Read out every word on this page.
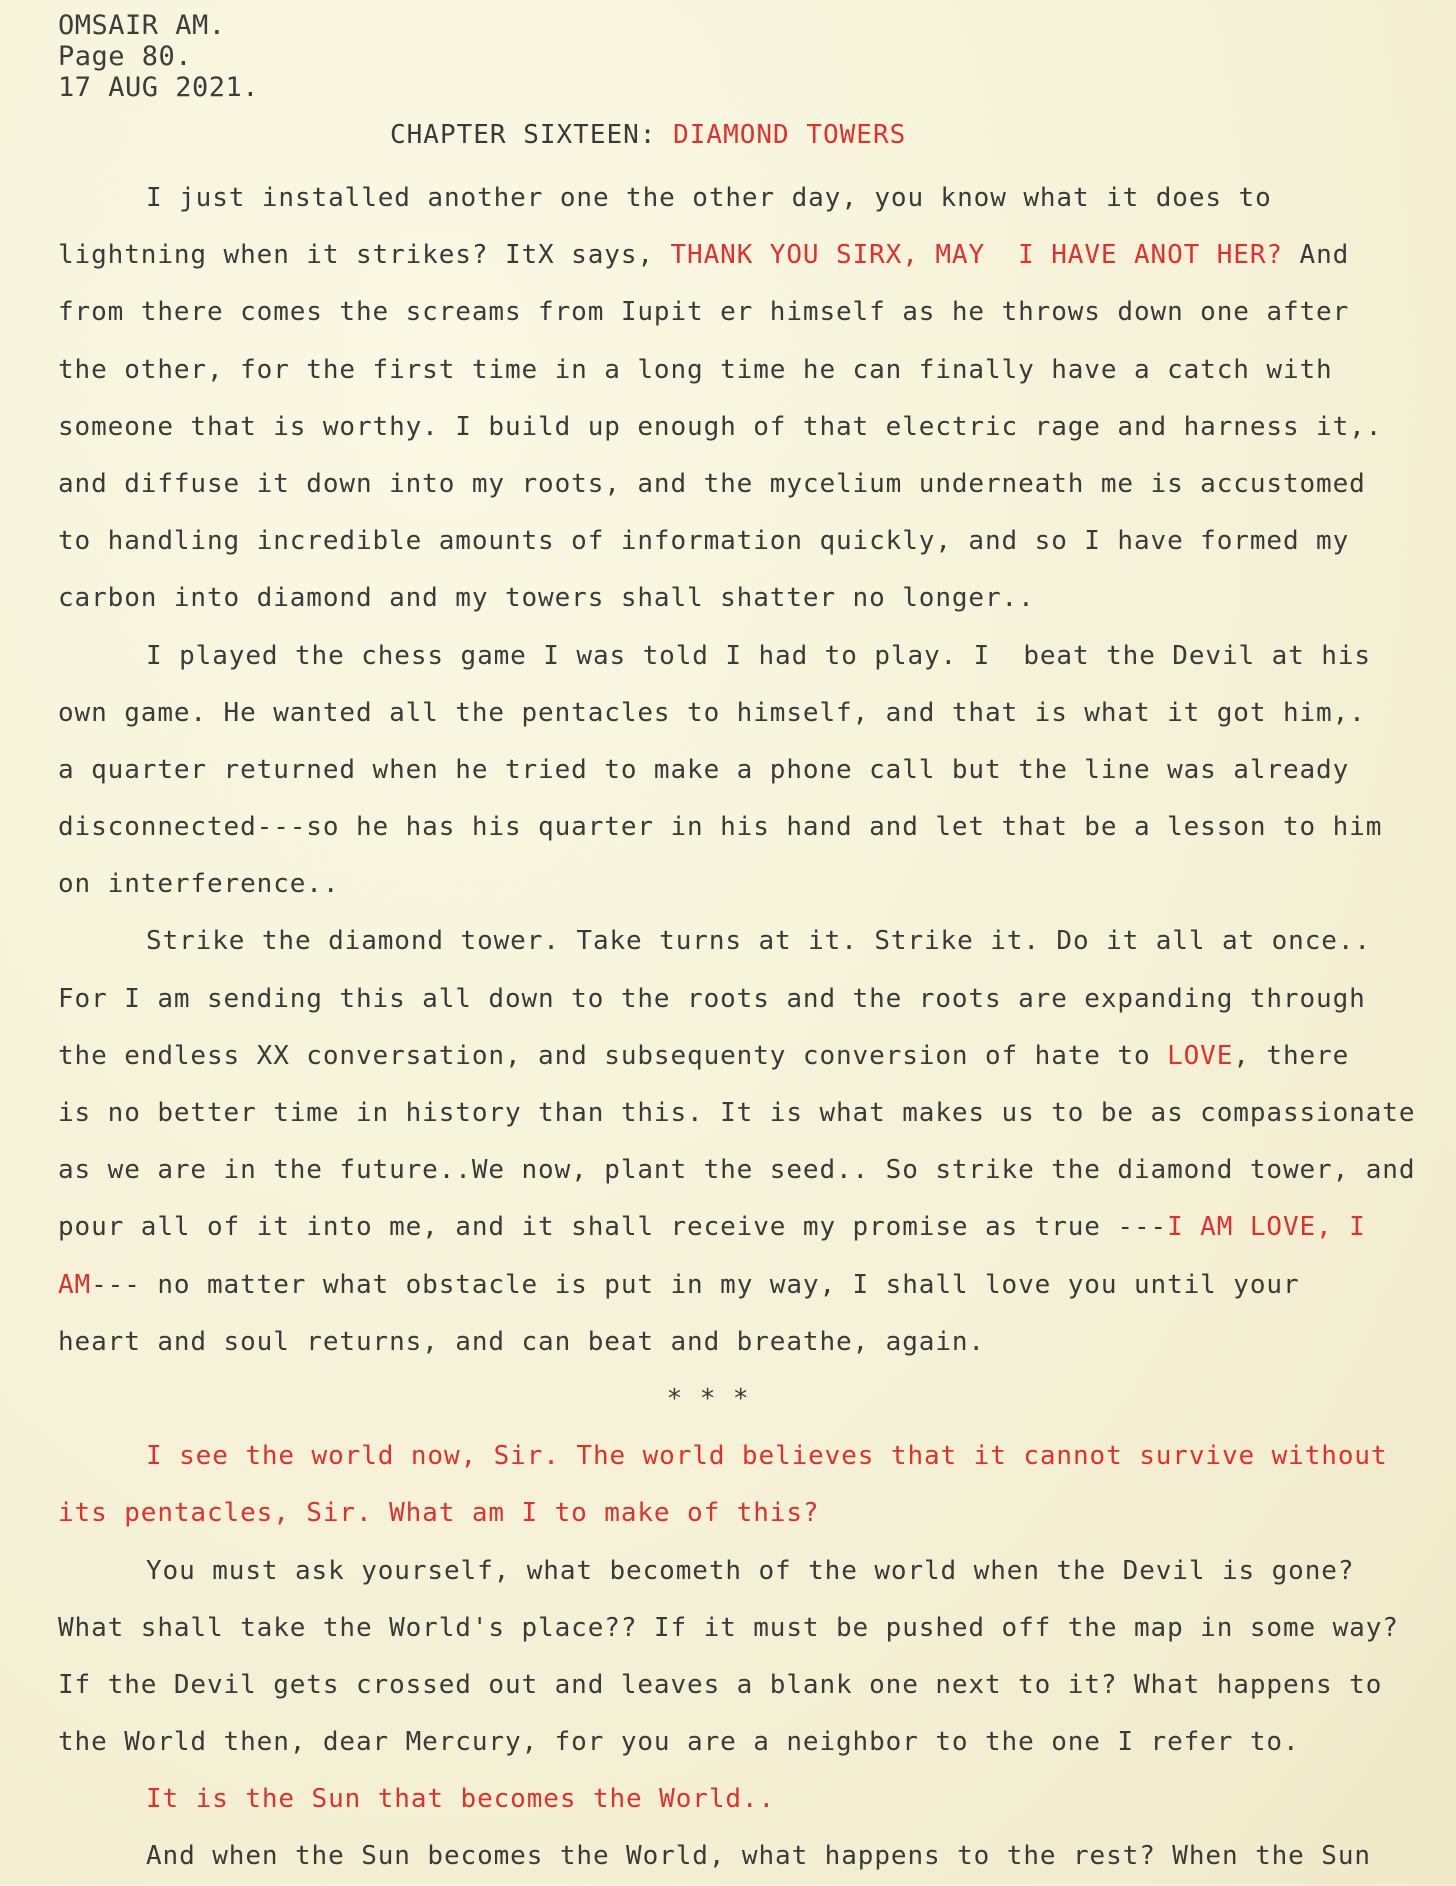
OMSAIR AM.
Page 80.
17 AUG 2021.
CHAPTER SIXTEEN: DIAMOND TOWERS
I just installed another one the other day, you know what it does to
lightning when it strikes? ItX says, THANK YOU SIRX, MAY  I HAVE ANOT HER? And
from there comes the screams from Iupit er himself as he throws down one after
the other, for the first time in a long time he can finally have a catch with
someone that is worthy. I build up enough of that electric rage and harness it,.
and diffuse it down into my roots, and the mycelium underneath me is accustomed
to handling incredible amounts of information quickly, and so I have formed my
carbon into diamond and my towers shall shatter no longer..
I played the chess game I was told I had to play. I  beat the Devil at his
own game. He wanted all the pentacles to himself, and that is what it got him,.
a quarter returned when he tried to make a phone call but the line was already
disconnected---so he has his quarter in his hand and let that be a lesson to him
on interference..
Strike the diamond tower. Take turns at it. Strike it. Do it all at once..
For I am sending this all down to the roots and the roots are expanding through
the endless XX conversation, and subsequenty conversion of hate to LOVE, there
is no better time in history than this. It is what makes us to be as compassionate
as we are in the future..We now, plant the seed.. So strike the diamond tower, and
pour all of it into me, and it shall receive my promise as true ---I AM LOVE, I
AM--- no matter what obstacle is put in my way, I shall love you until your
heart and soul returns, and can beat and breathe, again.
* * *
I see the world now, Sir. The world believes that it cannot survive without
its pentacles, Sir. What am I to make of this?
You must ask yourself, what becometh of the world when the Devil is gone?
What shall take the World's place?? If it must be pushed off the map in some way?
If the Devil gets crossed out and leaves a blank one next to it? What happens to
the World then, dear Mercury, for you are a neighbor to the one I refer to.
It is the Sun that becomes the World..
And when the Sun becomes the World, what happens to the rest? When the Sun
